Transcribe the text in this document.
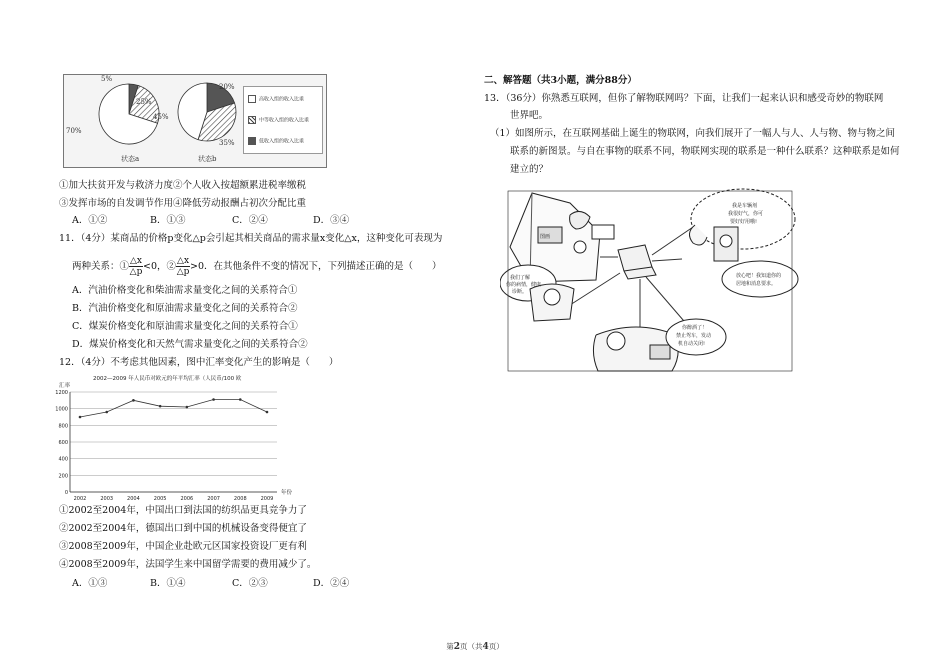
5%
25%
70%
20%
35%
45%
状态a	状态b
高收入组的收入比重
中等收入组的收入比重
低收入组的收入比重
①加大扶贫开发与救济力度②个人收入按超额累进税率缴税
③发挥市场的自发调节作用④降低劳动报酬占初次分配比重
A．①②	B．①③	C．②④	D．③④
11．（4分）某商品的价格p变化△p会引起其相关商品的需求量x变化△x，这种变化可表现为
两种关系：① $\frac{\triangle x}{\triangle p}<0$，② $\frac{\triangle x}{\triangle p}>0$．在其他条件不变的情况下，下列描述正确的是（　　）
A．汽油价格变化和柴油需求量变化之间的关系符合①
B．汽油价格变化和原油需求量变化之间的关系符合②
C．煤炭价格变化和原油需求量变化之间的关系符合①
D．煤炭价格变化和天然气需求量变化之间的关系符合②
12．（4分）不考虑其他因素，图中汇率变化产生的影响是（　　）
2002—2009 年人民币对欧元的年平均汇率（人民币/100 欧
汇率
年份
0
200
400
600
800
1000
1200
2002	2003	2004	2005	2006	2007	2008	2009
①2002至2004年，中国出口到法国的纺织品更具竞争力了
②2002至2004年，德国出口到中国的机械设备变得便宜了
③2008至2009年，中国企业赴欧元区国家投资设厂更有利
④2008至2009年，法国学生来中国留学需要的费用减少了。
A．①③	B．①④	C．②③	D．②④
二、解答题（共3小题，满分88分）
13．（36分）你熟悉互联网，但你了解物联网吗？下面，让我们一起来认识和感受奇妙的物联网
世界吧。
（1）如图所示，在互联网基础上诞生的物联网，向我们展开了一幅人与人、人与物、物与物之间
联系的新图景。与自在事物的联系不同，物联网实现的联系是一种什么联系？这种联系是如何
建立的？
图画
我是车辆剂 我很好气，你可 要好好用哦! 我们了解 你的病情，健康 诊断。 放心吧！我知道你的 居地和消息要求。 你醉酒了！ 禁止驾车，发动 机自动关闭!
第2页（共4页）
